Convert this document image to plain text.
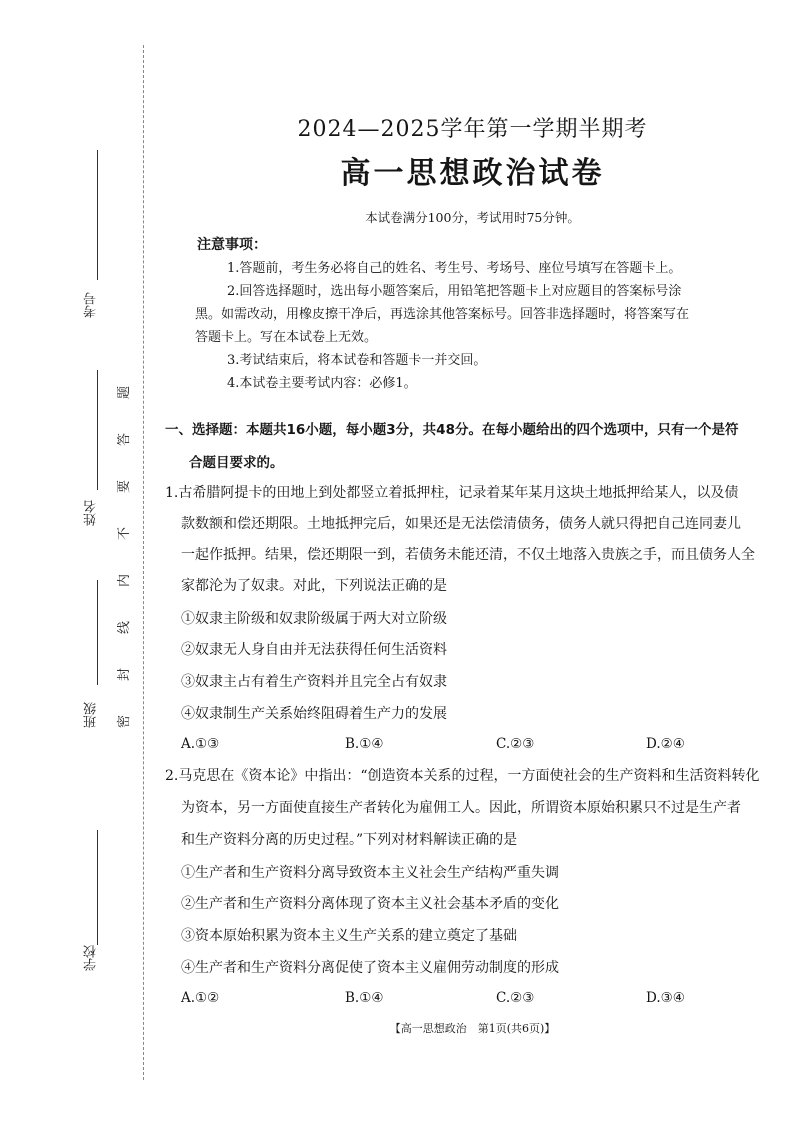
考号
姓名
班级
学校
题
答
要
不
内
线
封
密
2024—2025学年第一学期半期考
高一思想政治试卷
本试卷满分100分，考试用时75分钟。
注意事项：
1.答题前，考生务必将自己的姓名、考生号、考场号、座位号填写在答题卡上。
2.回答选择题时，选出每小题答案后，用铅笔把答题卡上对应题目的答案标号涂
黑。如需改动，用橡皮擦干净后，再选涂其他答案标号。回答非选择题时，将答案写在
答题卡上。写在本试卷上无效。
3.考试结束后，将本试卷和答题卡一并交回。
4.本试卷主要考试内容：必修1。
一、选择题：本题共16小题，每小题3分，共48分。在每小题给出的四个选项中，只有一个是符
合题目要求的。
1.古希腊阿提卡的田地上到处都竖立着抵押柱，记录着某年某月这块土地抵押给某人，以及债
款数额和偿还期限。土地抵押完后，如果还是无法偿清债务，债务人就只得把自己连同妻儿
一起作抵押。结果，偿还期限一到，若债务未能还清，不仅土地落入贵族之手，而且债务人全
家都沦为了奴隶。对此，下列说法正确的是
①奴隶主阶级和奴隶阶级属于两大对立阶级
②奴隶无人身自由并无法获得任何生活资料
③奴隶主占有着生产资料并且完全占有奴隶
④奴隶制生产关系始终阻碍着生产力的发展
A.①③	B.①④	C.②③	D.②④
2.马克思在《资本论》中指出：“创造资本关系的过程，一方面使社会的生产资料和生活资料转化
为资本，另一方面使直接生产者转化为雇佣工人。因此，所谓资本原始积累只不过是生产者
和生产资料分离的历史过程。”下列对材料解读正确的是
①生产者和生产资料分离导致资本主义社会生产结构严重失调
②生产者和生产资料分离体现了资本主义社会基本矛盾的变化
③资本原始积累为资本主义生产关系的建立奠定了基础
④生产者和生产资料分离促使了资本主义雇佣劳动制度的形成
A.①②	B.①④	C.②③	D.③④
【高一思想政治　第1页(共6页)】
